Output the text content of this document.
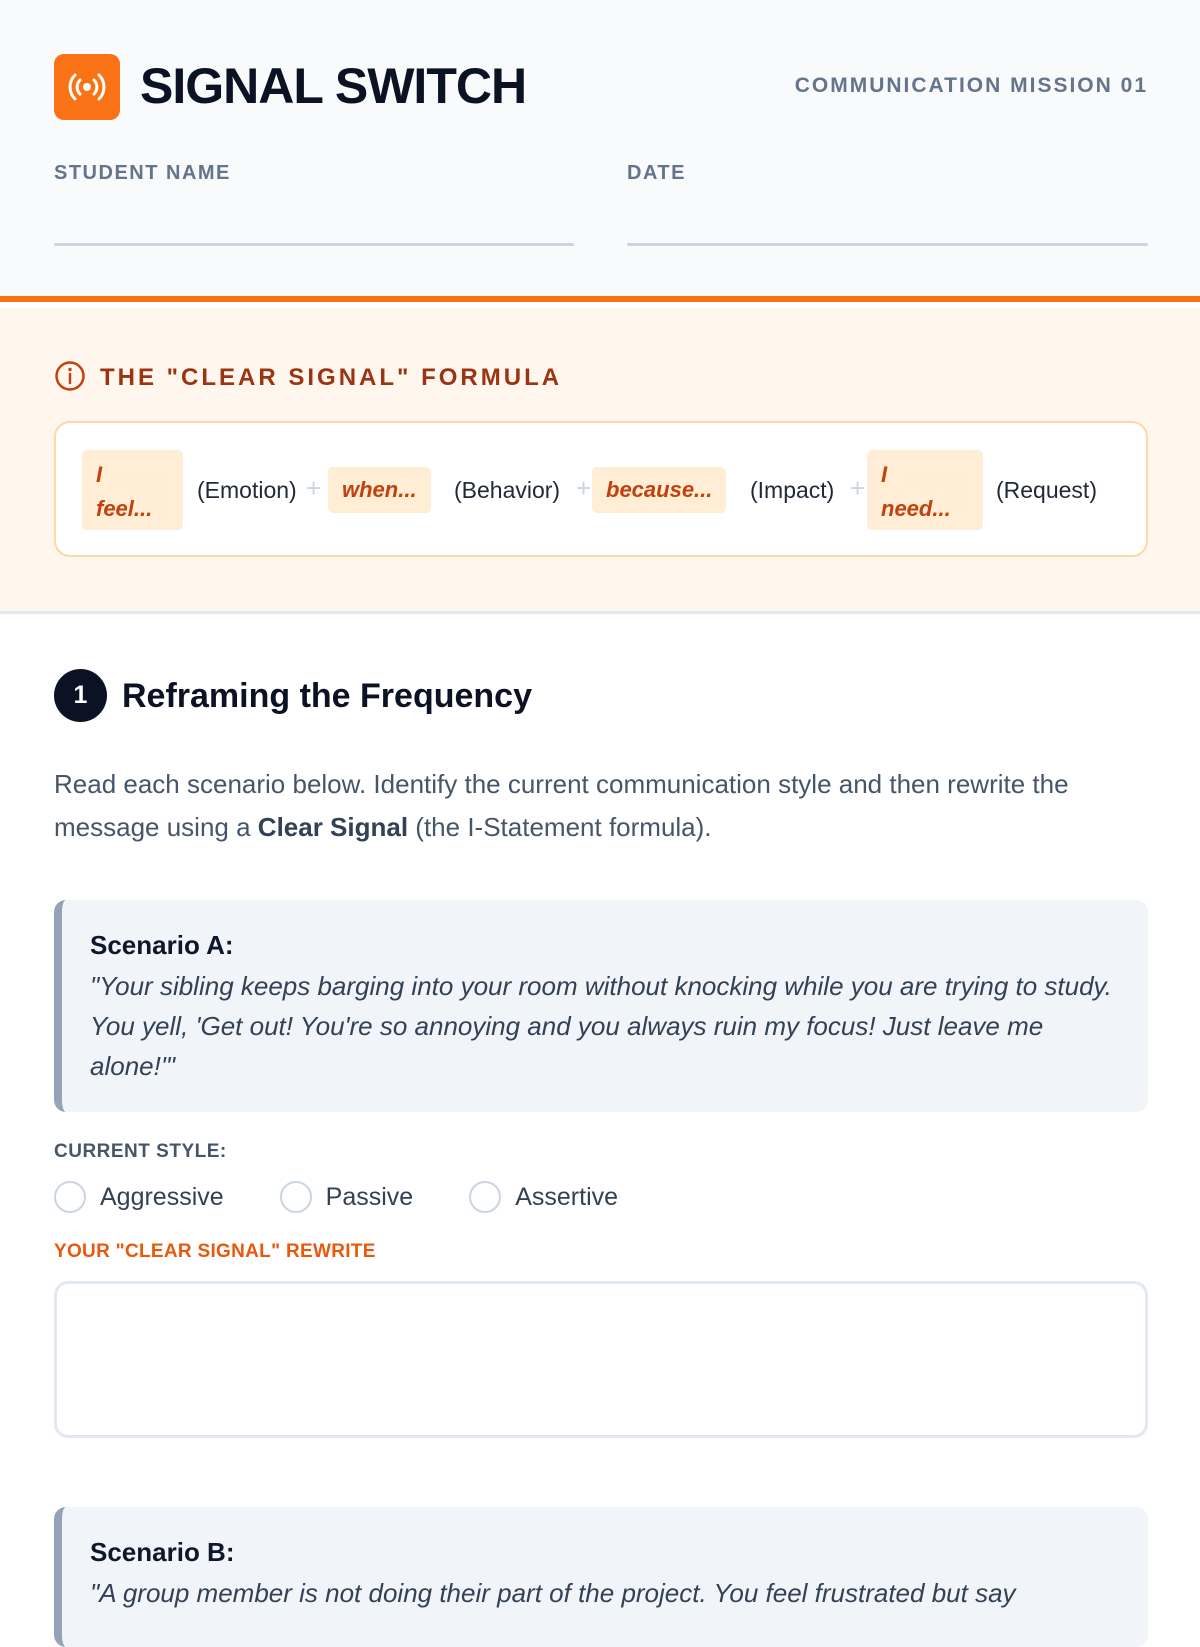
SIGNAL SWITCH	COMMUNICATION MISSION 01
STUDENT NAME	DATE
THE "CLEAR SIGNAL" FORMULA
I feel...
(Emotion) + when...	(Behavior) + because...	(Impact) + I need...
(Request)
1	Reframing the Frequency
Read each scenario below. Identify the current communication style and then rewrite the message using a Clear Signal (the I-Statement formula).
Scenario A:
"Your sibling keeps barging into your room without knocking while you are trying to study. You yell, 'Get out! You're so annoying and you always ruin my focus! Just leave me alone!'"
CURRENT STYLE:
Aggressive	Passive	Assertive
YOUR "CLEAR SIGNAL" REWRITE
Scenario B:
"A group member is not doing their part of the project. You feel frustrated but say
